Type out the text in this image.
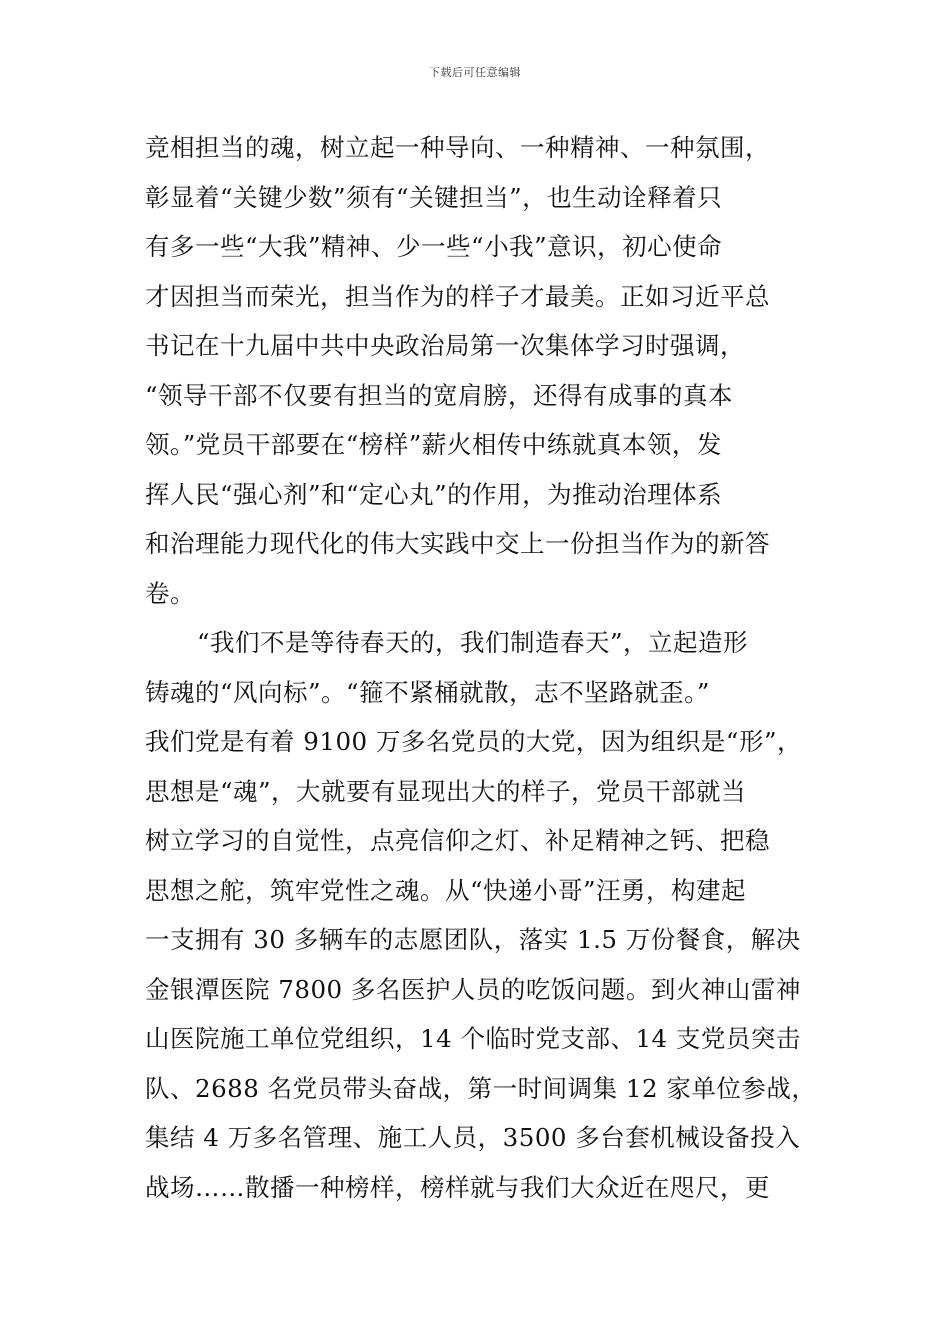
下载后可任意编辑
竞相担当的魂，树立起一种导向、一种精神、一种氛围，
彰显着“关键少数”须有“关键担当”，也生动诠释着只
有多一些“大我”精神、少一些“小我”意识，初心使命
才因担当而荣光，担当作为的样子才最美。正如习近平总
书记在十九届中共中央政治局第一次集体学习时强调，
“领导干部不仅要有担当的宽肩膀，还得有成事的真本
领。”党员干部要在“榜样”薪火相传中练就真本领，发
挥人民“强心剂”和“定心丸”的作用，为推动治理体系
和治理能力现代化的伟大实践中交上一份担当作为的新答
卷。
“我们不是等待春天的，我们制造春天”，立起造形
铸魂的“风向标”。“箍不紧桶就散，志不坚路就歪。”
我们党是有着 9100 万多名党员的大党，因为组织是“形”，
思想是“魂”，大就要有显现出大的样子，党员干部就当
树立学习的自觉性，点亮信仰之灯、补足精神之钙、把稳
思想之舵，筑牢党性之魂。从“快递小哥”汪勇，构建起
一支拥有 30 多辆车的志愿团队，落实 1.5 万份餐食，解决
金银潭医院 7800 多名医护人员的吃饭问题。到火神山雷神
山医院施工单位党组织，14 个临时党支部、14 支党员突击
队、2688 名党员带头奋战，第一时间调集 12 家单位参战，
集结 4 万多名管理、施工人员，3500 多台套机械设备投入
战场……散播一种榜样，榜样就与我们大众近在咫尺，更
